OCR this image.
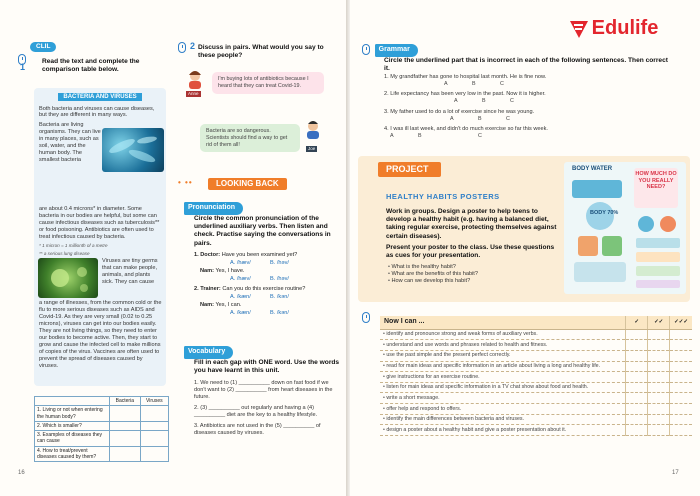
CLIL
1
Read the text and complete the comparison table below.
BACTERIA AND VIRUSES
Both bacteria and viruses can cause diseases, but they are different in many ways.
Bacteria are living organisms. They can live in many places, such as soil, water, and the human body. The smallest bacteria
are about 0.4 microns* in diameter. Some bacteria in our bodies are helpful, but some can cause infectious diseases such as tuberculosis** or food poisoning. Antibiotics are often used to treat infectious caused by bacteria.
* 1 micron = 1 millionth of a metre
** a serious lung disease
Viruses are tiny germs that can make people, animals, and plants sick. They can cause
a range of illnesses, from the common cold or the flu to more serious diseases such as AIDS and Covid-19. As they are very small (0.02 to 0.25 microns), viruses can get into our bodies easily. They are not living things, so they need to enter our bodies to become active. Then, they start to grow and cause the infected cell to make millions of copies of the virus. Vaccines are often used to prevent the spread of diseases caused by viruses.
	Bacteria	Viruses
1. Living or not when entering the human body?		
2. Which is smaller?		
3. Examples of diseases they can cause		
4. How to treat/prevent diseases caused by them?		
16
2 Discuss in pairs. What would you say to these people?
Anne
I'm buying lots of antibiotics because I heard that they can treat Covid-19.
Bacteria are so dangerous. Scientists should find a way to get rid of them all!
Joe
• ••	LOOKING BACK
Pronunciation
Circle the common pronunciation of the underlined auxiliary verbs. Then listen and check. Practise saying the conversations in pairs.
1. Doctor: Have you been examined yet?
A. /hæv/	B. /həv/
Nam: Yes, I have.
A. /hæv/	B. /həv/
2. Trainer: Can you do this exercise routine?
A. /kæn/	B. /kən/
Nam: Yes, I can.
A. /kæn/	B. /kən/
Vocabulary
Fill in each gap with ONE word. Use the words you have learnt in this unit.
1. We need to (1) __________ down on fast food if we don't want to (2) __________ from heart diseases in the future.
2. (3) __________ out regularly and having a (4) __________ diet are the key to a healthy lifestyle.
3. Antibiotics are not used in the (5) __________ of diseases caused by viruses.
Edulife
Grammar
Circle the underlined part that is incorrect in each of the following sentences. Then correct it.
1. My grandfather has gone to hospital last month. He is fine now.
A	B	C
2. Life expectancy has been very low in the past. Now it is higher.
A	B	C
3. My father used to do a lot of exercise since he was young.
A	B	C
4. I was ill last week, and didn't do much exercise so far this week.
A	B	C
PROJECT
HEALTHY HABITS POSTERS
Work in groups. Design a poster to help teens to develop a healthy habit (e.g. having a balanced diet, taking regular exercise, protecting themselves against certain diseases).
Present your poster to the class. Use these questions as cues for your presentation.
• What is the healthy habit?
• What are the benefits of this habit?
• How can we develop this habit?
BODY WATER
HOW MUCH DO YOU REALLY NEED?
BODY 70%
Now I can ...	✓	✓✓	✓✓✓
• identify and pronounce strong and weak forms of auxiliary verbs.			
• understand and use words and phrases related to health and fitness.			
• use the past simple and the present perfect correctly.			
• read for main ideas and specific information in an article about living a long and healthy life.			
• give instructions for an exercise routine.			
• listen for main ideas and specific information in a TV chat show about food and health.			
• write a short message.			
• offer help and respond to offers.			
• identify the main differences between bacteria and viruses.			
• design a poster about a healthy habit and give a poster presentation about it.			
17
